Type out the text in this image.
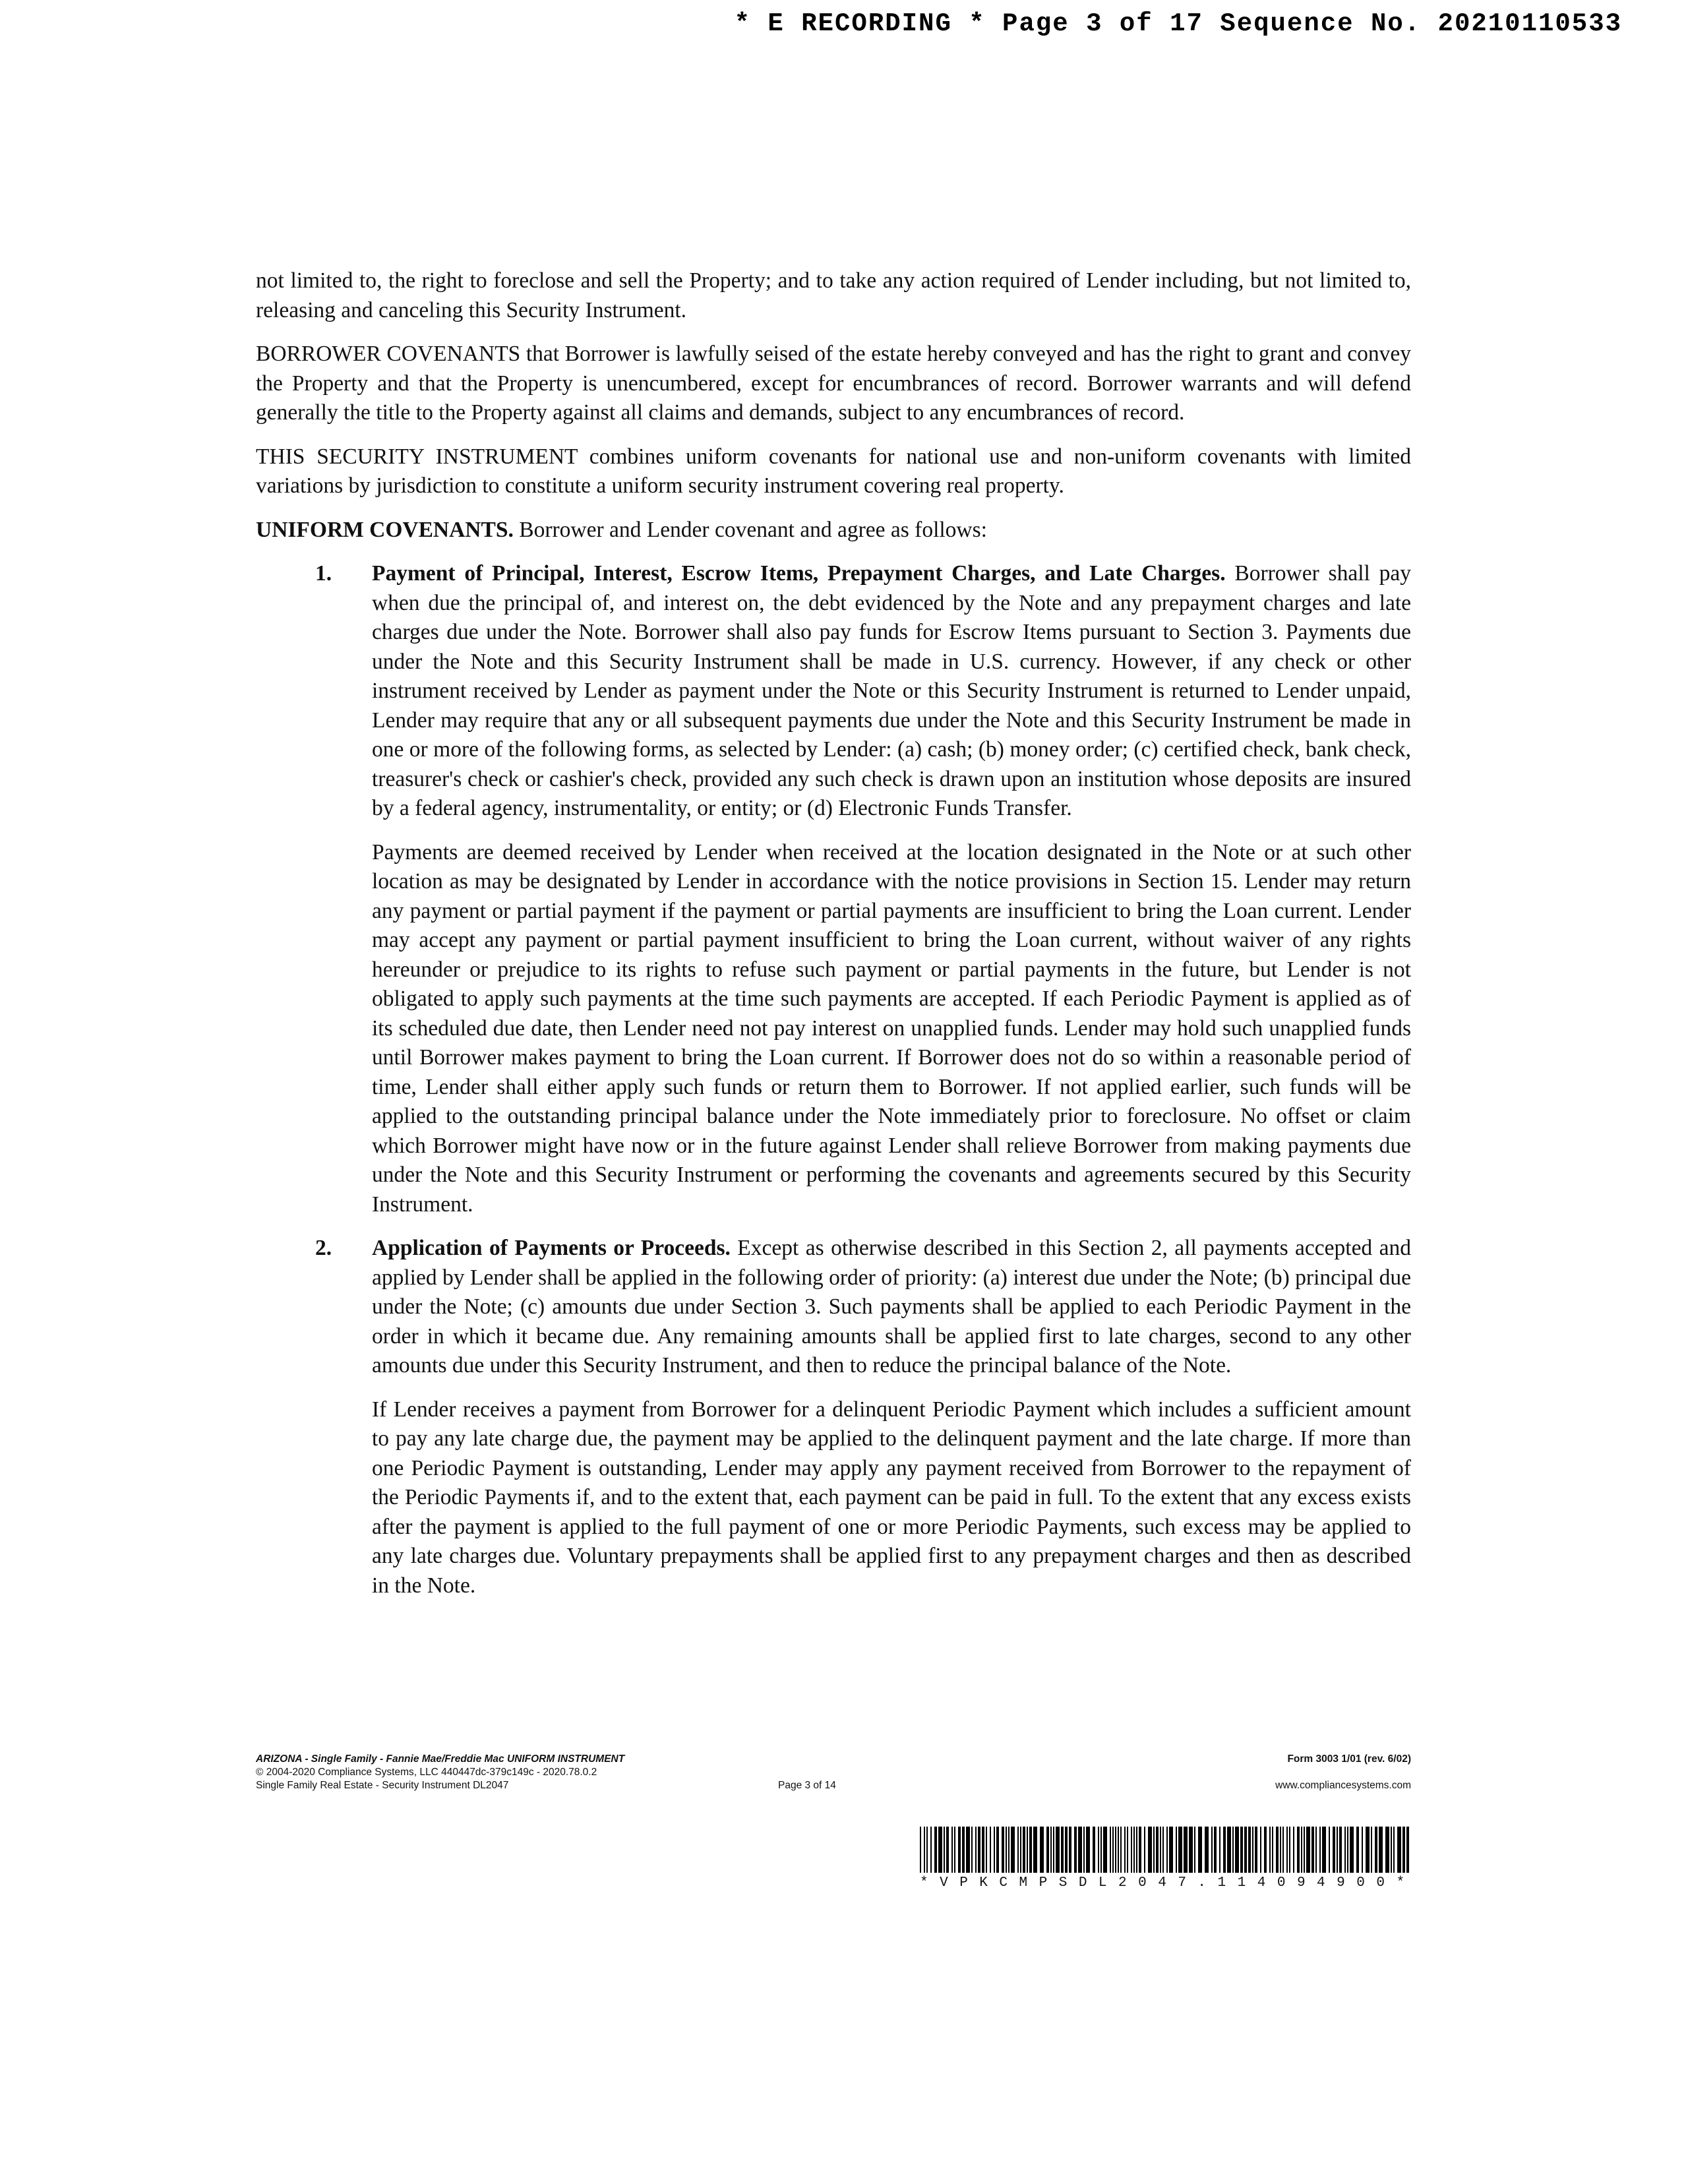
* E RECORDING * Page 3 of 17 Sequence No. 20210110533

not limited to, the right to foreclose and sell the Property; and to take any action required of Lender including, but not limited to, releasing and canceling this Security Instrument.

BORROWER COVENANTS that Borrower is lawfully seised of the estate hereby conveyed and has the right to grant and convey the Property and that the Property is unencumbered, except for encumbrances of record. Borrower warrants and will defend generally the title to the Property against all claims and demands, subject to any encumbrances of record.

THIS SECURITY INSTRUMENT combines uniform covenants for national use and non-uniform covenants with limited variations by jurisdiction to constitute a uniform security instrument covering real property.

UNIFORM COVENANTS. Borrower and Lender covenant and agree as follows:

1. Payment of Principal, Interest, Escrow Items, Prepayment Charges, and Late Charges. Borrower shall pay when due the principal of, and interest on, the debt evidenced by the Note and any prepayment charges and late charges due under the Note. Borrower shall also pay funds for Escrow Items pursuant to Section 3. Payments due under the Note and this Security Instrument shall be made in U.S. currency. However, if any check or other instrument received by Lender as payment under the Note or this Security Instrument is returned to Lender unpaid, Lender may require that any or all subsequent payments due under the Note and this Security Instrument be made in one or more of the following forms, as selected by Lender: (a) cash; (b) money order; (c) certified check, bank check, treasurer's check or cashier's check, provided any such check is drawn upon an institution whose deposits are insured by a federal agency, instrumentality, or entity; or (d) Electronic Funds Transfer.

Payments are deemed received by Lender when received at the location designated in the Note or at such other location as may be designated by Lender in accordance with the notice provisions in Section 15. Lender may return any payment or partial payment if the payment or partial payments are insufficient to bring the Loan current. Lender may accept any payment or partial payment insufficient to bring the Loan current, without waiver of any rights hereunder or prejudice to its rights to refuse such payment or partial payments in the future, but Lender is not obligated to apply such payments at the time such payments are accepted. If each Periodic Payment is applied as of its scheduled due date, then Lender need not pay interest on unapplied funds. Lender may hold such unapplied funds until Borrower makes payment to bring the Loan current. If Borrower does not do so within a reasonable period of time, Lender shall either apply such funds or return them to Borrower. If not applied earlier, such funds will be applied to the outstanding principal balance under the Note immediately prior to foreclosure. No offset or claim which Borrower might have now or in the future against Lender shall relieve Borrower from making payments due under the Note and this Security Instrument or performing the covenants and agreements secured by this Security Instrument.

2. Application of Payments or Proceeds. Except as otherwise described in this Section 2, all payments accepted and applied by Lender shall be applied in the following order of priority: (a) interest due under the Note; (b) principal due under the Note; (c) amounts due under Section 3. Such payments shall be applied to each Periodic Payment in the order in which it became due. Any remaining amounts shall be applied first to late charges, second to any other amounts due under this Security Instrument, and then to reduce the principal balance of the Note.

If Lender receives a payment from Borrower for a delinquent Periodic Payment which includes a sufficient amount to pay any late charge due, the payment may be applied to the delinquent payment and the late charge. If more than one Periodic Payment is outstanding, Lender may apply any payment received from Borrower to the repayment of the Periodic Payments if, and to the extent that, each payment can be paid in full. To the extent that any excess exists after the payment is applied to the full payment of one or more Periodic Payments, such excess may be applied to any late charges due. Voluntary prepayments shall be applied first to any prepayment charges and then as described in the Note.

ARIZONA - Single Family - Fannie Mae/Freddie Mac UNIFORM INSTRUMENT
© 2004-2020 Compliance Systems, LLC 440447dc-379c149c - 2020.78.0.2
Single Family Real Estate - Security Instrument DL2047	Page 3 of 14
Form 3003 1/01 (rev. 6/02)
www.compliancesystems.com
*VPKCMPSDL2047.114094900*
